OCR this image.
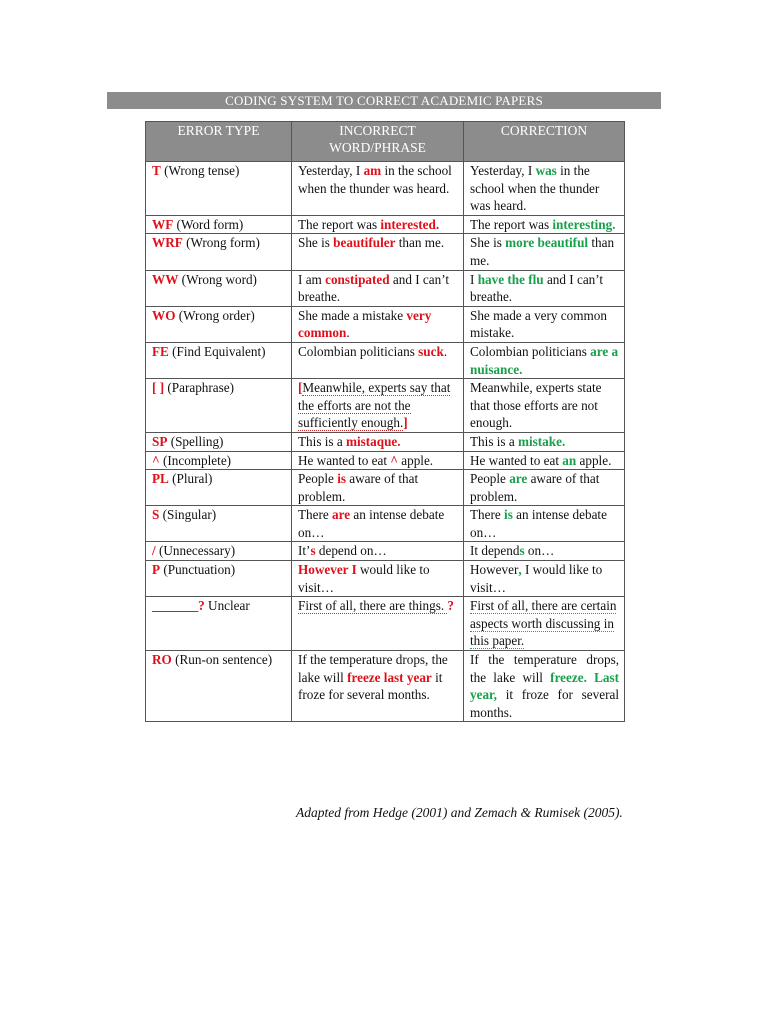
CODING SYSTEM TO CORRECT ACADEMIC PAPERS
ERROR TYPE	INCORRECT WORD/PHRASE	CORRECTION
T (Wrong tense)	Yesterday, I am in the school when the thunder was heard.	Yesterday, I was in the school when the thunder was heard.
WF (Word form)	The report was interested.	The report was interesting.
WRF (Wrong form)	She is beautifuler than me.	She is more beautiful than me.
WW (Wrong word)	I am constipated and I can’t breathe.	I have the flu and I can’t breathe.
WO (Wrong order)	She made a mistake very common.	She made a very common mistake.
FE (Find Equivalent)	Colombian politicians suck.	Colombian politicians are a nuisance.
[ ] (Paraphrase)	[Meanwhile, experts say that the efforts are not the sufficiently enough.]	Meanwhile, experts state that those efforts are not enough.
SP (Spelling)	This is a mistaque.	This is a mistake.
^ (Incomplete)	He wanted to eat ^ apple.	He wanted to eat an apple.
PL (Plural)	People is aware of that problem.	People are aware of that problem.
S (Singular)	There are an intense debate on…	There is an intense debate on…
/ (Unnecessary)	It’s depend on…	It depends on…
P (Punctuation)	However I would like to visit…	However, I would like to visit…
_______? Unclear	First of all, there are things. ?	First of all, there are certain aspects worth discussing in this paper.
RO (Run-on sentence)	If the temperature drops, the lake will freeze last year it froze for several months.	If the temperature drops, the lake will freeze. Last year, it froze for several months.
Adapted from Hedge (2001) and Zemach & Rumisek (2005).
